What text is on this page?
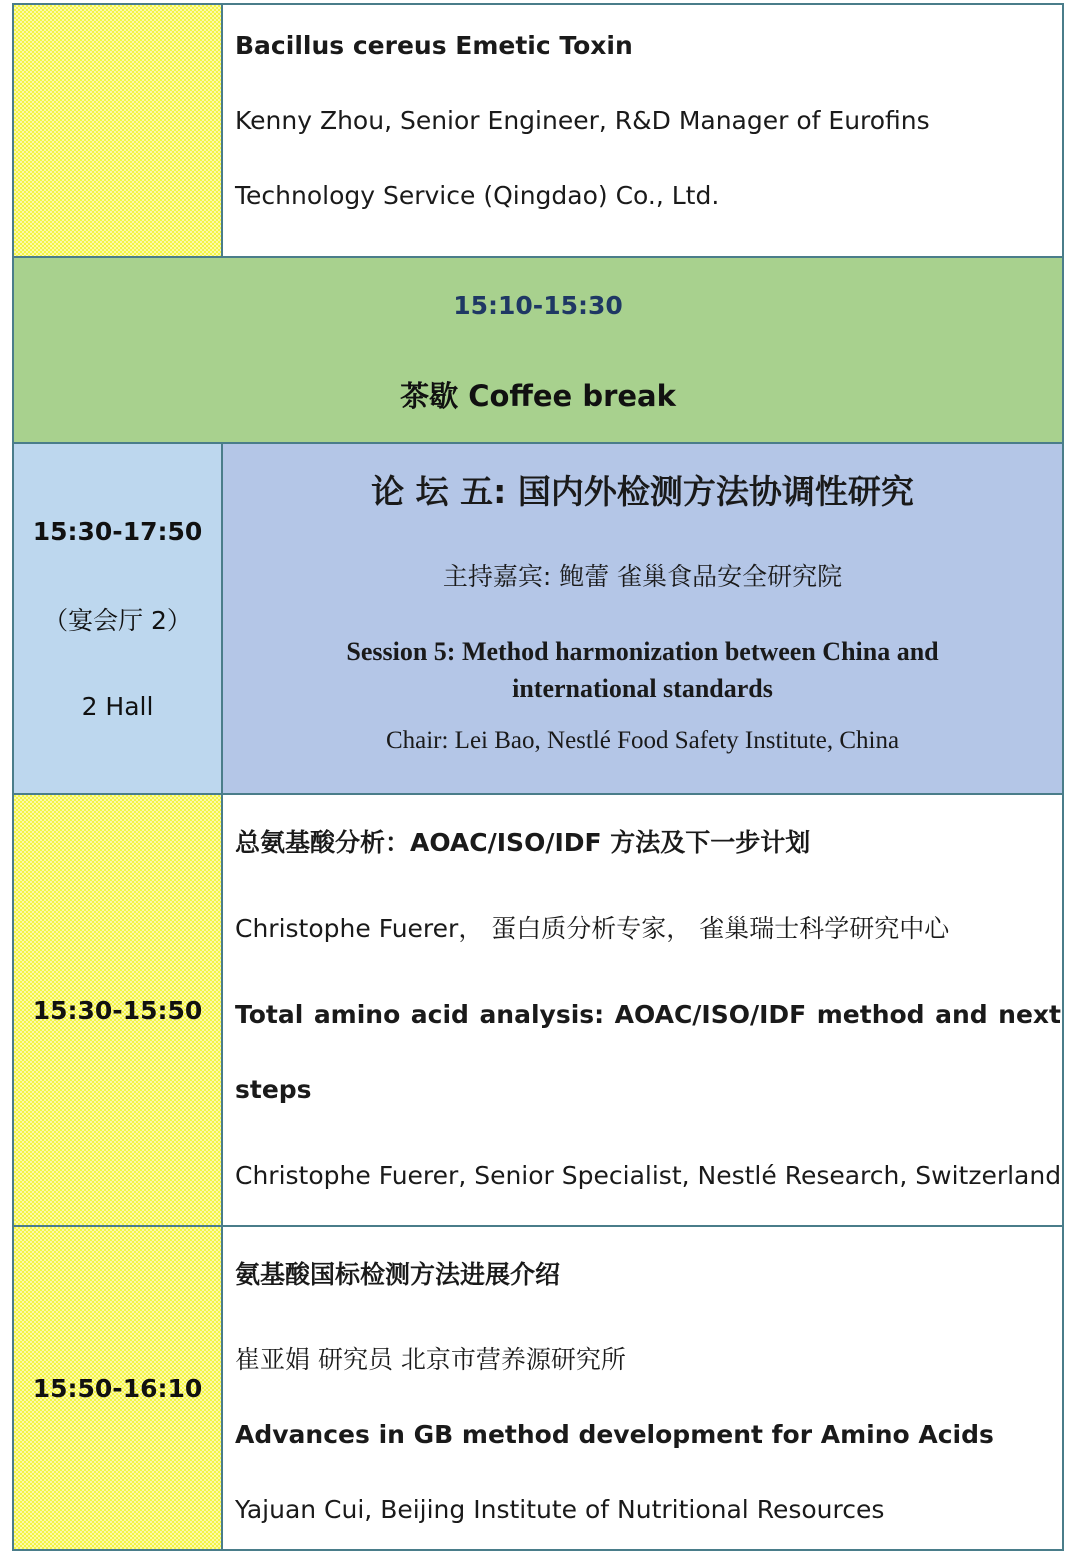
Bacillus cereus Emetic Toxin
Kenny Zhou, Senior Engineer, R&D Manager of Eurofins
Technology Service (Qingdao) Co., Ltd.
15:10-15:30
茶歇 Coffee break
15:30-17:50
（宴会厅 2）
2 Hall
论 坛 五: 国内外检测方法协调性研究
主持嘉宾: 鲍蕾 雀巢食品安全研究院
Session 5: Method harmonization between China and
international standards
Chair: Lei Bao, Nestlé Food Safety Institute, China
15:30-15:50
总氨基酸分析：AOAC/ISO/IDF 方法及下一步计划
Christophe Fuerer， 蛋白质分析专家， 雀巢瑞士科学研究中心
Total amino acid analysis: AOAC/ISO/IDF method and next
steps
Christophe Fuerer, Senior Specialist, Nestlé Research, Switzerland
15:50-16:10
氨基酸国标检测方法进展介绍
崔亚娟 研究员 北京市营养源研究所
Advances in GB method development for Amino Acids
Yajuan Cui, Beijing Institute of Nutritional Resources
